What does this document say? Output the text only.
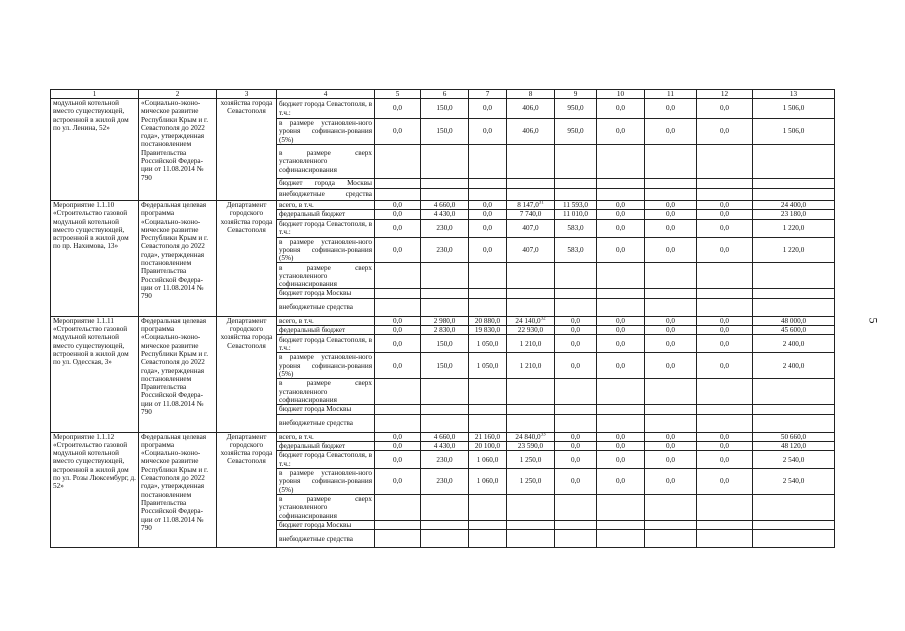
1	2	3	4	5	6	7	8	9	10	11	12	13
модульной котельной вместо существующей, встроенной в жилой дом по ул. Ленина, 52»	«Социально-эконо-мическое развитие Республики Крым и г. Севастополя до 2022 года», утвержденная постановлением Правительства Российской Федера-ции от 11.08.2014 № 790	хозяйства города Севастополя	бюджет города Севастополя, в т.ч.:	0,0	150,0	0,0	406,0	950,0	0,0	0,0	0,0	1 506,0
			в размере установлен-ного уровня софинанси-рования (5%)	0,0	150,0	0,0	406,0	950,0	0,0	0,0	0,0	1 506,0
			в размере сверх установленного софинансирования									
			бюджет города Москвы									
			внебюджетные средства									
Мероприятие 1.1.10 «Строительство газовой модульной котельной вместо существующей, встроенной в жилой дом по пр. Нахимова, 13»	Федеральная целевая программа «Социально-эконо-мическое развитие Республики Крым и г. Севастополя до 2022 года», утвержденная постановлением Правительства Российской Федера-ции от 11.08.2014 № 790	Департамент городского хозяйства города Севастополя	всего, в т.ч.	0,0	4 660,0	0,0	8 147,0$^{31}$	11 593,0	0,0	0,0	0,0	24 400,0
			федеральный бюджет	0,0	4 430,0	0,0	7 740,0	11 010,0	0,0	0,0	0,0	23 180,0
			бюджет города Севастополя, в т.ч.:	0,0	230,0	0,0	407,0	583,0	0,0	0,0	0,0	1 220,0
			в размере установлен-ного уровня софинанси-рования (5%)	0,0	230,0	0,0	407,0	583,0	0,0	0,0	0,0	1 220,0
			в размере сверх установленного софинансирования									
			бюджет города Москвы									
			внебюджетные средства									
Мероприятие 1.1.11 «Строительство газовой модульной котельной вместо существующей, встроенной в жилой дом по ул. Одесская, 3»	Федеральная целевая программа «Социально-эконо-мическое развитие Республики Крым и г. Севастополя до 2022 года», утвержденная постановлением Правительства Российской Федера-ции от 11.08.2014 № 790	Департамент городского хозяйства города Севастополя	всего, в т.ч.	0,0	2 980,0	20 880,0	24 140,0$^{32}$	0,0	0,0	0,0	0,0	48 000,0
			федеральный бюджет	0,0	2 830,0	19 830,0	22 930,0	0,0	0,0	0,0	0,0	45 600,0
			бюджет города Севастополя, в т.ч.:	0,0	150,0	1 050,0	1 210,0	0,0	0,0	0,0	0,0	2 400,0
			в размере установлен-ного уровня софинанси-рования (5%)	0,0	150,0	1 050,0	1 210,0	0,0	0,0	0,0	0,0	2 400,0
			в размере сверх установленного софинансирования									
			бюджет города Москвы									
			внебюджетные средства									
Мероприятие 1.1.12 «Строительство газовой модульной котельной вместо существующей, встроенной в жилой дом по ул. Розы Люксембург, д. 52»	Федеральная целевая программа «Социально-эконо-мическое развитие Республики Крым и г. Севастополя до 2022 года», утвержденная постановлением Правительства Российской Федера-ции от 11.08.2014 № 790	Департамент городского хозяйства города Севастополя	всего, в т.ч.	0,0	4 660,0	21 160,0	24 840,0$^{33}$	0,0	0,0	0,0	0,0	50 660,0
			федеральный бюджет	0,0	4 430,0	20 100,0	23 590,0	0,0	0,0	0,0	0,0	48 120,0
			бюджет города Севастополя, в т.ч.:	0,0	230,0	1 060,0	1 250,0	0,0	0,0	0,0	0,0	2 540,0
			в размере установлен-ного уровня софинанси-рования (5%)	0,0	230,0	1 060,0	1 250,0	0,0	0,0	0,0	0,0	2 540,0
			в размере сверх установленного софинансирования									
			бюджет города Москвы									
			внебюджетные средства									
5
